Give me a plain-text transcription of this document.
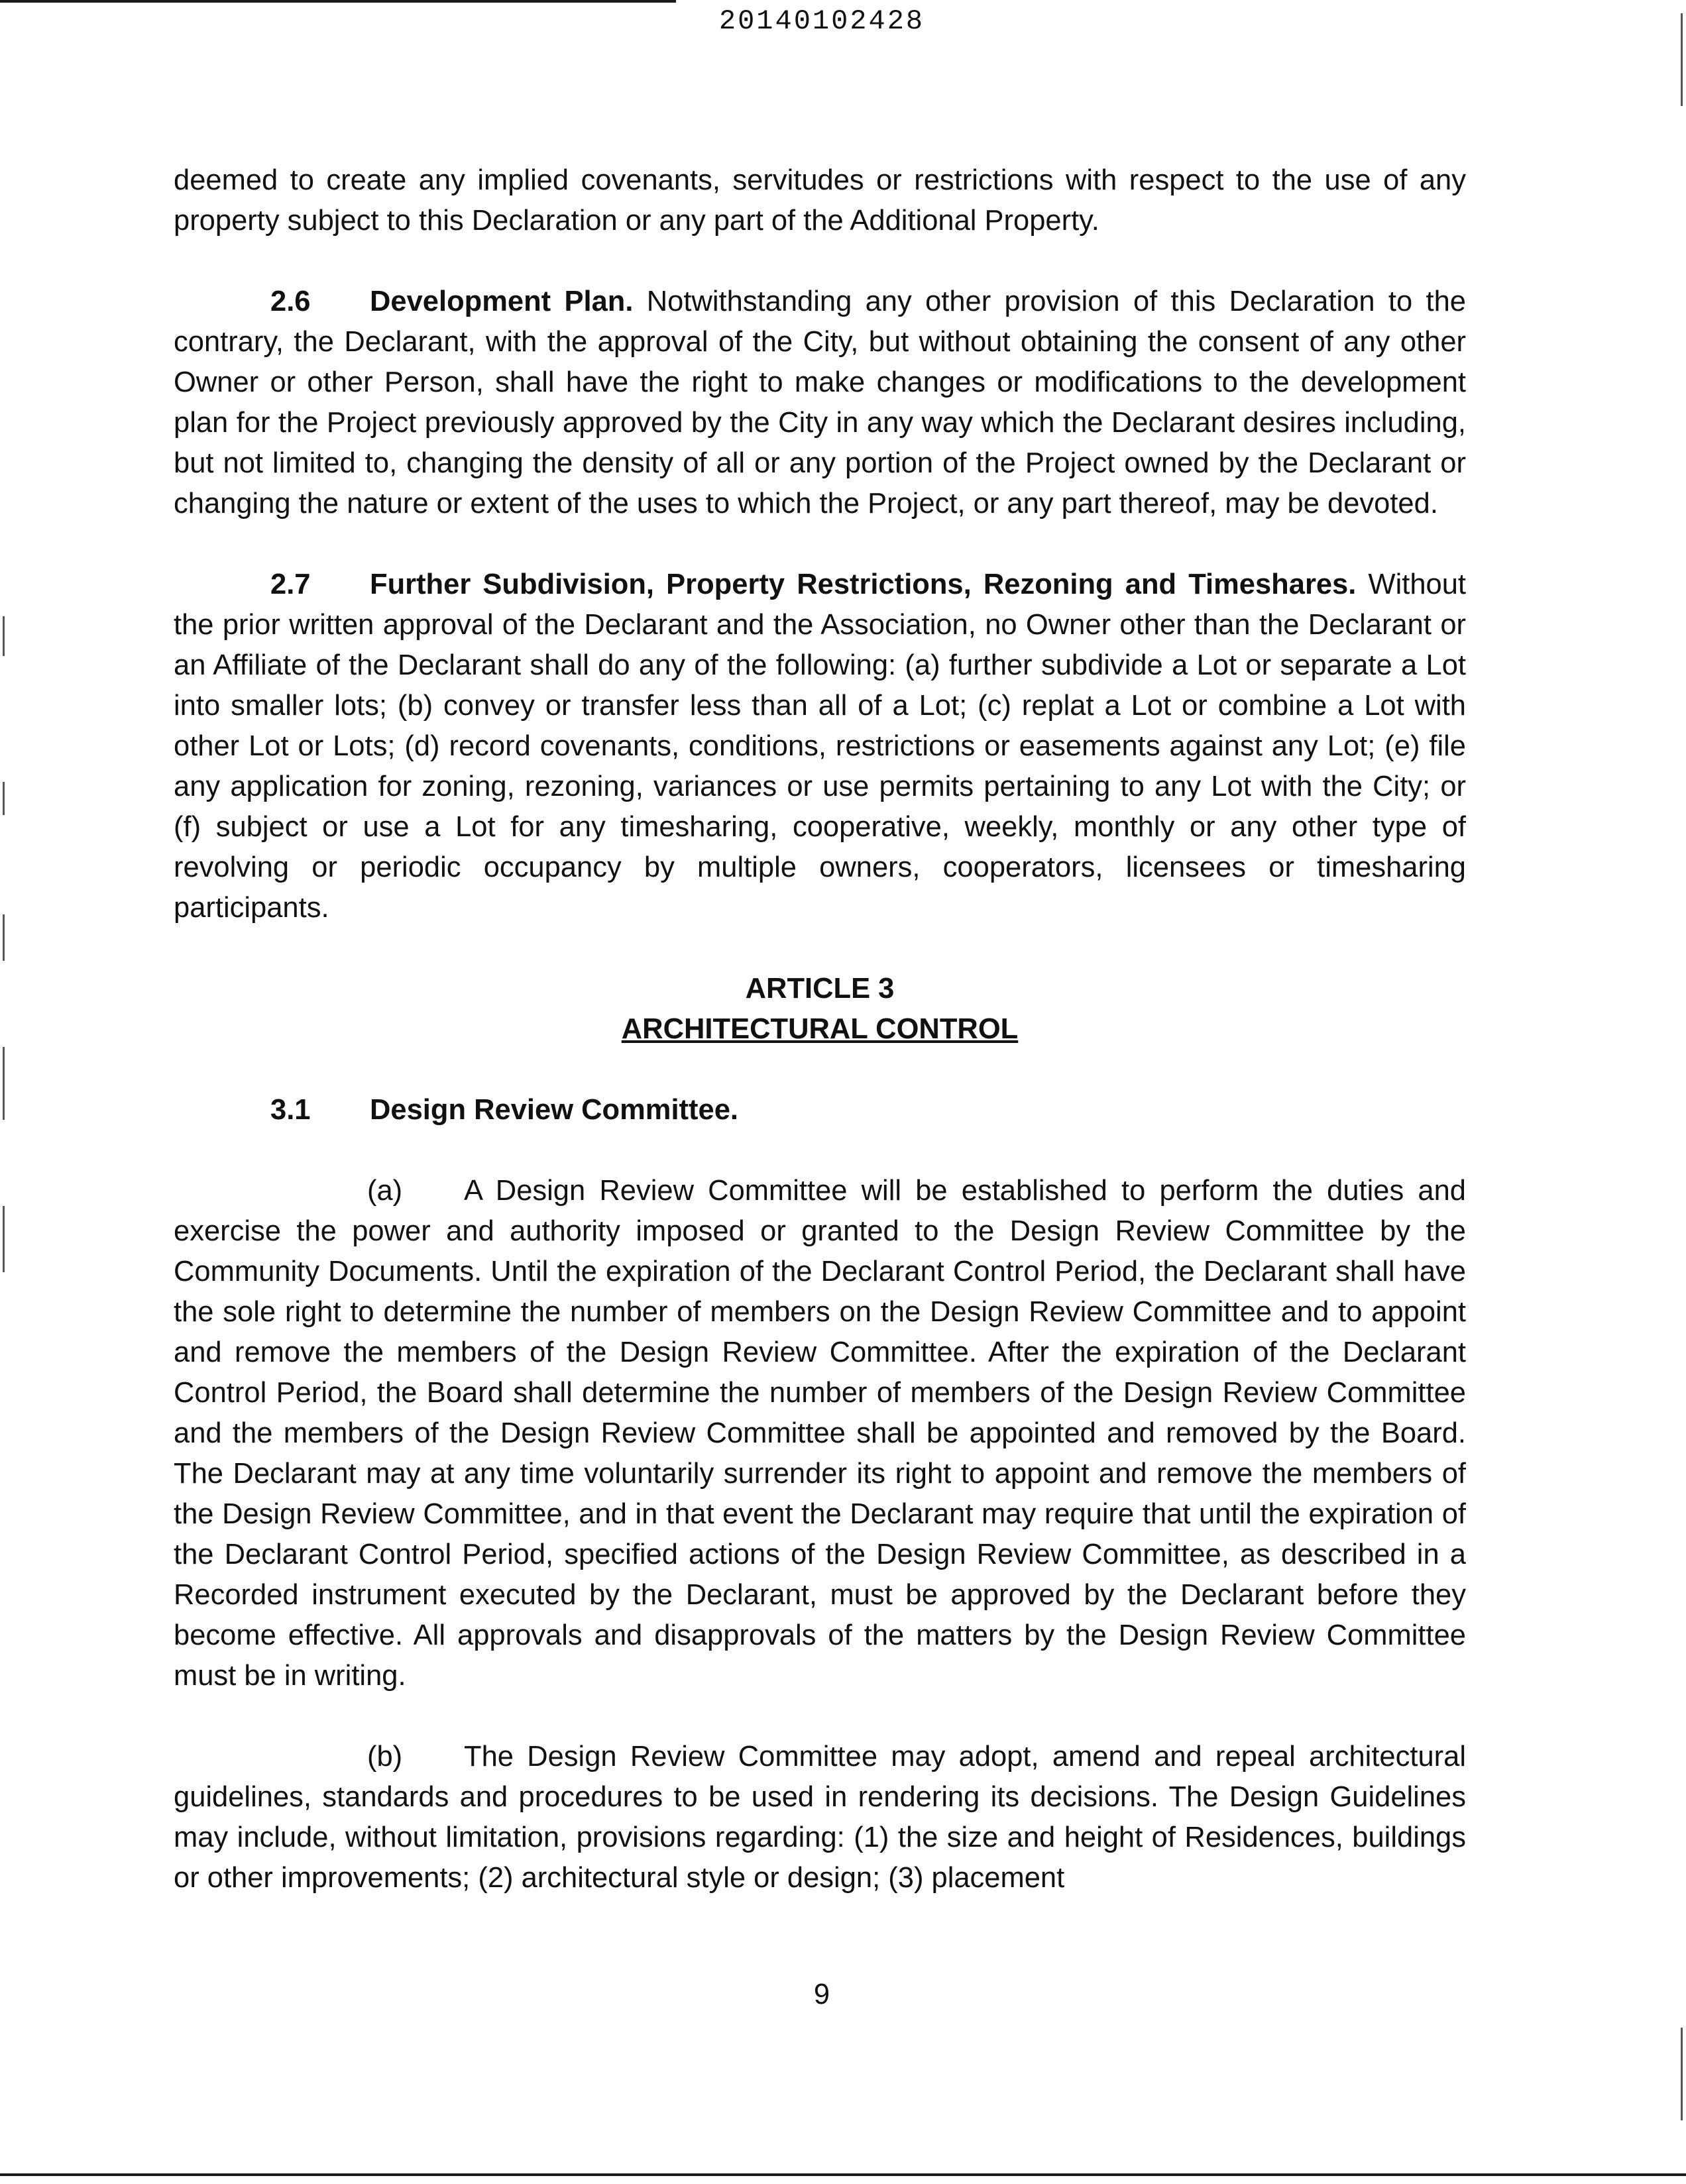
20140102428

deemed to create any implied covenants, servitudes or restrictions with respect to the use of any property subject to this Declaration or any part of the Additional Property.

2.6 Development Plan. Notwithstanding any other provision of this Declaration to the contrary, the Declarant, with the approval of the City, but without obtaining the consent of any other Owner or other Person, shall have the right to make changes or modifications to the development plan for the Project previously approved by the City in any way which the Declarant desires including, but not limited to, changing the density of all or any portion of the Project owned by the Declarant or changing the nature or extent of the uses to which the Project, or any part thereof, may be devoted.

2.7 Further Subdivision, Property Restrictions, Rezoning and Timeshares. Without the prior written approval of the Declarant and the Association, no Owner other than the Declarant or an Affiliate of the Declarant shall do any of the following: (a) further subdivide a Lot or separate a Lot into smaller lots; (b) convey or transfer less than all of a Lot; (c) replat a Lot or combine a Lot with other Lot or Lots; (d) record covenants, conditions, restrictions or easements against any Lot; (e) file any application for zoning, rezoning, variances or use permits pertaining to any Lot with the City; or (f) subject or use a Lot for any timesharing, cooperative, weekly, monthly or any other type of revolving or periodic occupancy by multiple owners, cooperators, licensees or timesharing participants.

ARTICLE 3
ARCHITECTURAL CONTROL

3.1 Design Review Committee.

(a) A Design Review Committee will be established to perform the duties and exercise the power and authority imposed or granted to the Design Review Committee by the Community Documents. Until the expiration of the Declarant Control Period, the Declarant shall have the sole right to determine the number of members on the Design Review Committee and to appoint and remove the members of the Design Review Committee. After the expiration of the Declarant Control Period, the Board shall determine the number of members of the Design Review Committee and the members of the Design Review Committee shall be appointed and removed by the Board. The Declarant may at any time voluntarily surrender its right to appoint and remove the members of the Design Review Committee, and in that event the Declarant may require that until the expiration of the Declarant Control Period, specified actions of the Design Review Committee, as described in a Recorded instrument executed by the Declarant, must be approved by the Declarant before they become effective. All approvals and disapprovals of the matters by the Design Review Committee must be in writing.

(b) The Design Review Committee may adopt, amend and repeal architectural guidelines, standards and procedures to be used in rendering its decisions. The Design Guidelines may include, without limitation, provisions regarding: (1) the size and height of Residences, buildings or other improvements; (2) architectural style or design; (3) placement

9
